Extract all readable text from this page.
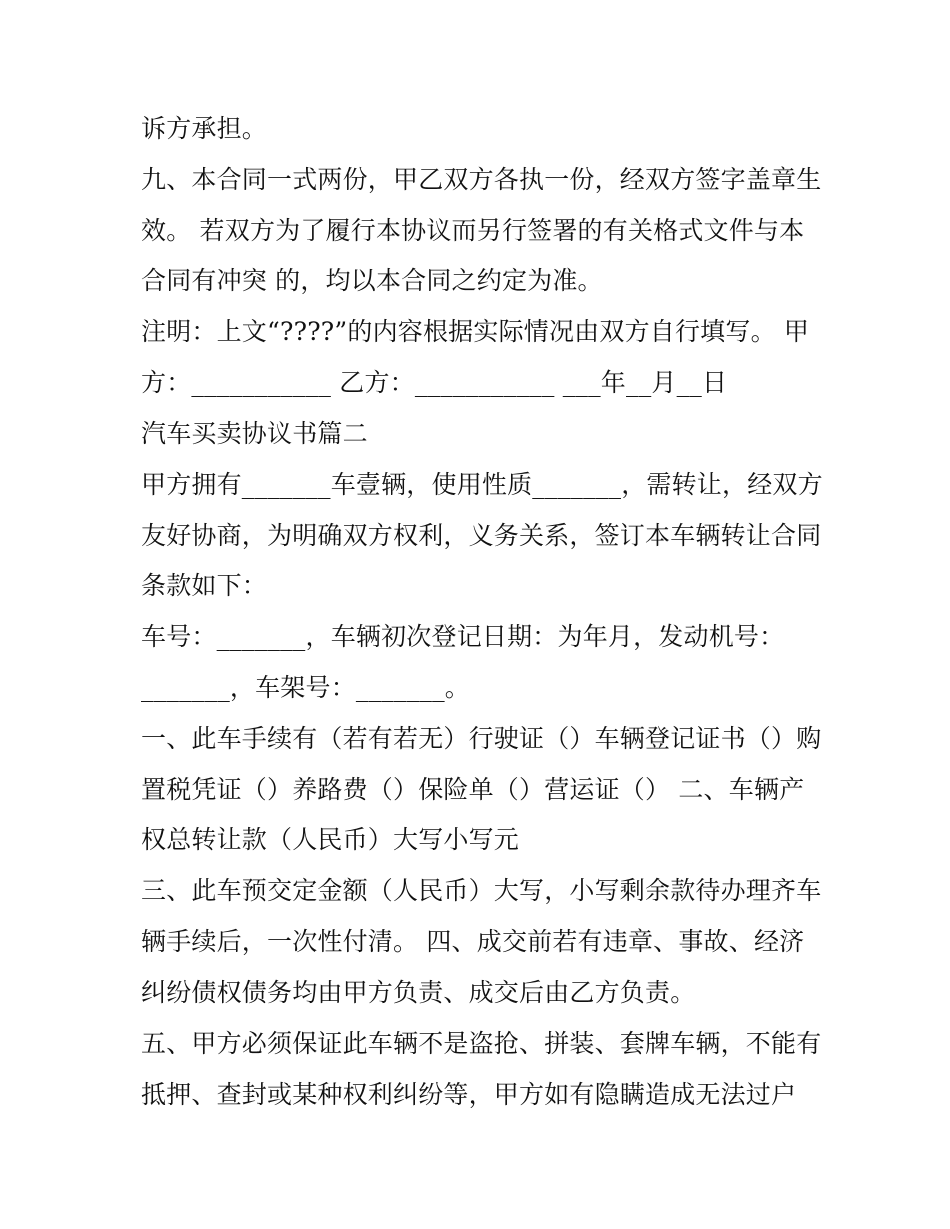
诉方承担。

九、本合同一式两份，甲乙双方各执一份，经双方签字盖章生

效。 若双方为了履行本协议而另行签署的有关格式文件与本

合同有冲突 的，均以本合同之约定为准。

注明：上文“????”的内容根据实际情况由双方自行填写。 甲

方：___________ 乙方：___________ ___年__月__日

汽车买卖协议书篇二

甲方拥有_______车壹辆，使用性质_______，需转让，经双方

友好协商，为明确双方权利，义务关系，签订本车辆转让合同

条款如下：

车号：_______，车辆初次登记日期：为年月，发动机号：

_______，车架号：_______。

一、此车手续有（若有若无）行驶证（）车辆登记证书（）购

置税凭证（）养路费（）保险单（）营运证（） 二、车辆产

权总转让款（人民币）大写小写元

三、此车预交定金额（人民币）大写，小写剩余款待办理齐车

辆手续后，一次性付清。 四、成交前若有违章、事故、经济

纠纷债权债务均由甲方负责、成交后由乙方负责。

五、甲方必须保证此车辆不是盗抢、拼装、套牌车辆，不能有

抵押、查封或某种权利纠纷等，甲方如有隐瞒造成无法过户
